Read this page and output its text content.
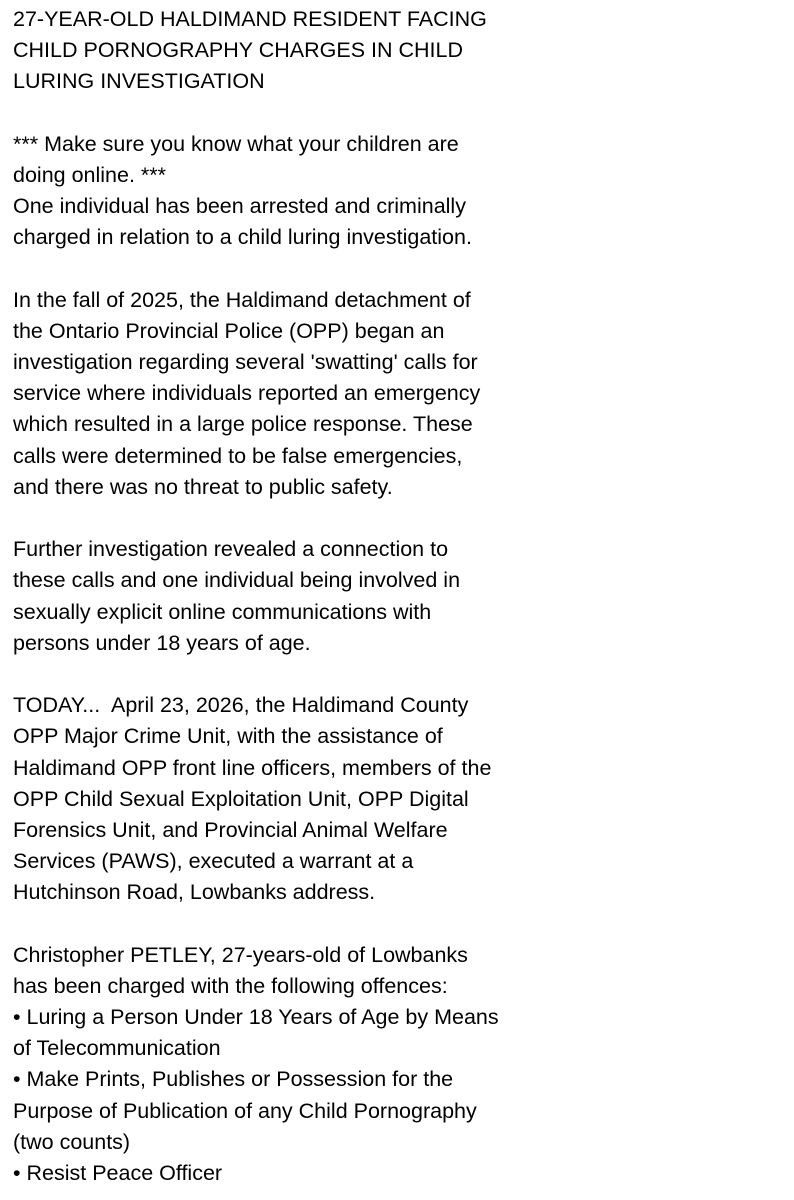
27-YEAR-OLD HALDIMAND RESIDENT FACING
CHILD PORNOGRAPHY CHARGES IN CHILD
LURING INVESTIGATION
*** Make sure you know what your children are
doing online. ***
One individual has been arrested and criminally
charged in relation to a child luring investigation.
In the fall of 2025, the Haldimand detachment of
the Ontario Provincial Police (OPP) began an
investigation regarding several 'swatting' calls for
service where individuals reported an emergency
which resulted in a large police response. These
calls were determined to be false emergencies,
and there was no threat to public safety.
Further investigation revealed a connection to
these calls and one individual being involved in
sexually explicit online communications with
persons under 18 years of age.
TODAY...  April 23, 2026, the Haldimand County
OPP Major Crime Unit, with the assistance of
Haldimand OPP front line officers, members of the
OPP Child Sexual Exploitation Unit, OPP Digital
Forensics Unit, and Provincial Animal Welfare
Services (PAWS), executed a warrant at a
Hutchinson Road, Lowbanks address.
Christopher PETLEY, 27-years-old of Lowbanks
has been charged with the following offences:
• Luring a Person Under 18 Years of Age by Means
of Telecommunication
• Make Prints, Publishes or Possession for the
Purpose of Publication of any Child Pornography
(two counts)
• Resist Peace Officer
